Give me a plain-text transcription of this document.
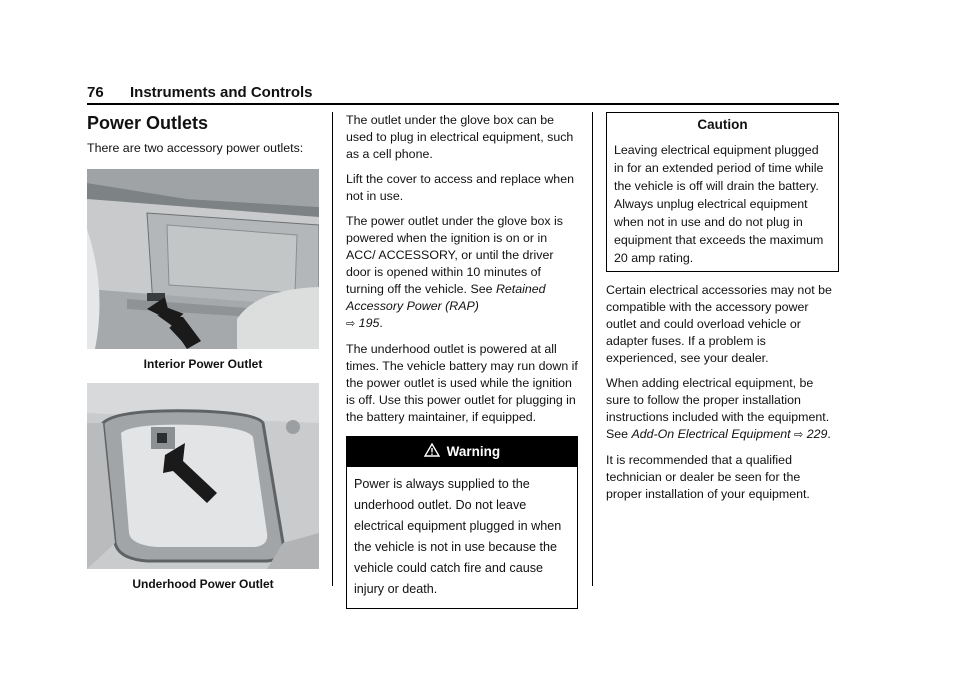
76 Instruments and Controls
Power Outlets

There are two accessory power outlets:

Interior Power Outlet
Underhood Power Outlet

The outlet under the glove box can be used to plug in electrical equipment, such as a cell phone.

Lift the cover to access and replace when not in use.

The power outlet under the glove box is powered when the ignition is on or in ACC/ ACCESSORY, or until the driver door is opened within 10 minutes of turning off the vehicle. See Retained Accessory Power (RAP)
⇨ 195.

The underhood outlet is powered at all times. The vehicle battery may run down if the power outlet is used while the ignition is off. Use this power outlet for plugging in the battery maintainer, if equipped.

Warning

Power is always supplied to the underhood outlet. Do not leave electrical equipment plugged in when the vehicle is not in use because the vehicle could catch fire and cause injury or death.

Caution

Leaving electrical equipment plugged in for an extended period of time while the vehicle is off will drain the battery. Always unplug electrical equipment when not in use and do not plug in equipment that exceeds the maximum 20 amp rating.

Certain electrical accessories may not be compatible with the accessory power outlet and could overload vehicle or adapter fuses. If a problem is experienced, see your dealer.

When adding electrical equipment, be sure to follow the proper installation instructions included with the equipment. See Add-On Electrical Equipment ⇨ 229.

It is recommended that a qualified technician or dealer be seen for the proper installation of your equipment.
